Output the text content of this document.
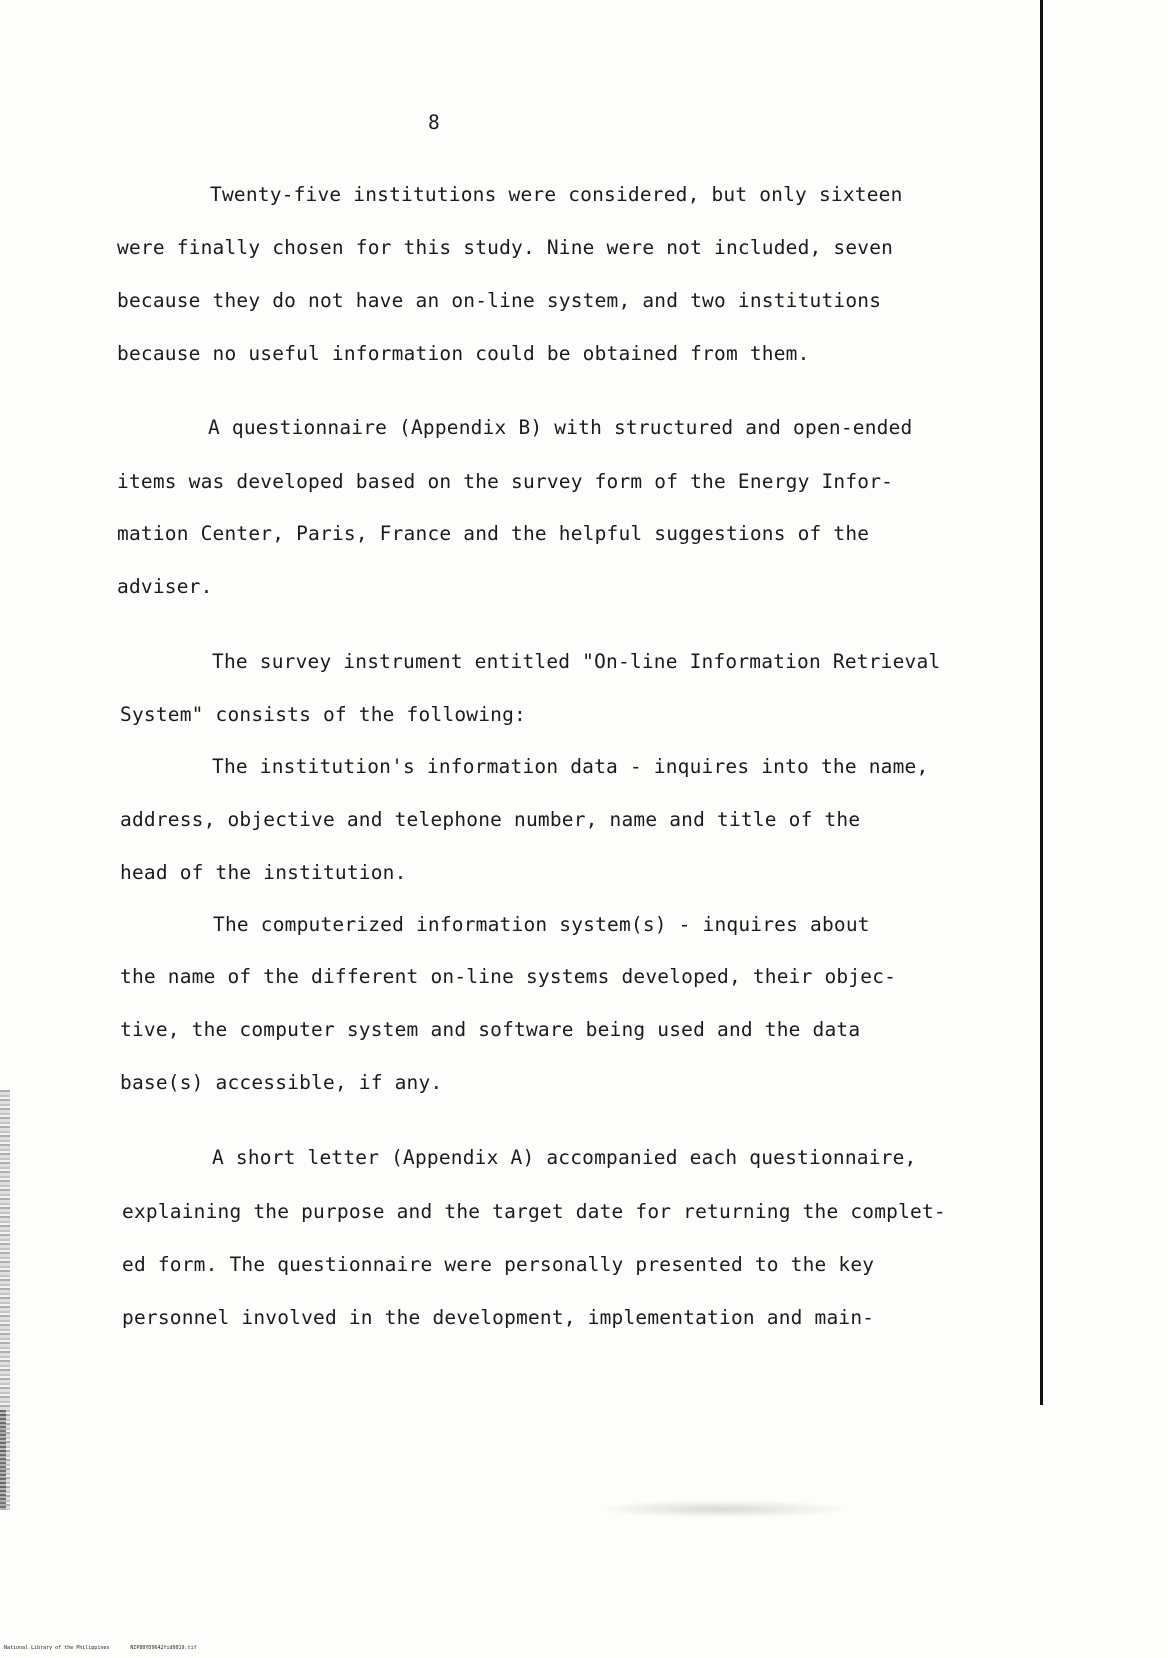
8
Twenty-five institutions were considered, but only sixteen
were finally chosen for this study. Nine were not included, seven
because they do not have an on-line system, and two institutions
because no useful information could be obtained from them.
A questionnaire (Appendix B) with structured and open-ended
items was developed based on the survey form of the Energy Infor-
mation Center, Paris, France and the helpful suggestions of the
adviser.
The survey instrument entitled "On-line Information Retrieval
System" consists of the following:
The institution's information data - inquires into the name,
address, objective and telephone number, name and title of the
head of the institution.
The computerized information system(s) - inquires about
the name of the different on-line systems developed, their objec-
tive, the computer system and software being used and the data
base(s) accessible, if any.
A short letter (Appendix A) accompanied each questionnaire,
explaining the purpose and the target date for returning the complet-
ed form. The questionnaire were personally presented to the key
personnel involved in the development, implementation and main-
National Library of the Philippines	NIP80YD9642fid0019.tif
